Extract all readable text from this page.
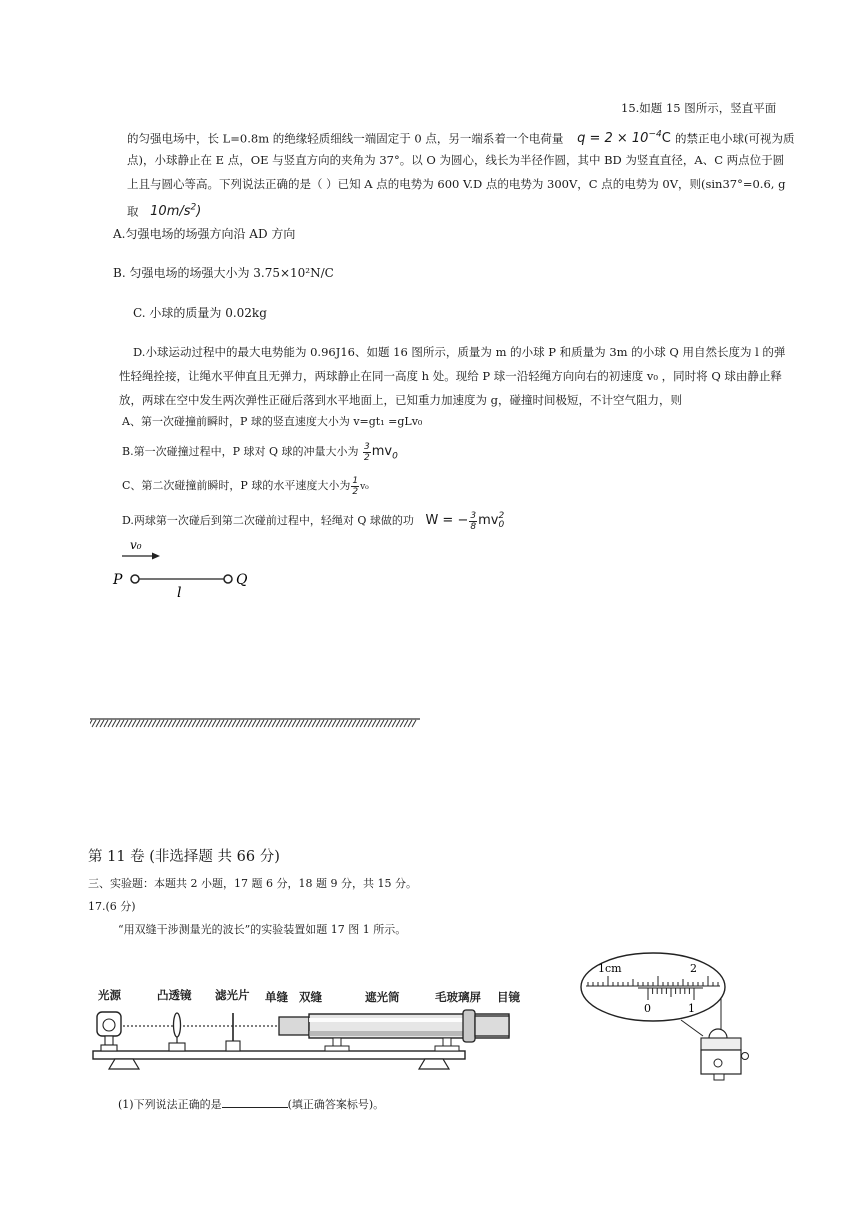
15.如题 15 图所示，竖直平面
的匀强电场中，长 L=0.8m 的绝缘轻质细线一端固定于 0 点，另一端系着一个电荷量 $q = 2 \times 10^{-4}C$ 的禁正电小球(可视为质
点)，小球静止在 E 点，OE 与竖直方向的夹角为 37°。以 O 为圆心，线长为半径作圆，其中 BD 为竖直直径，A、C 两点位于圆
上且与圆心等高。下列说法正确的是（ ）已知 A 点的电势为 600 V.D 点的电势为 300V，C 点的电势为 0V，则(sin37°=0.6, g
取 $10m/s^2$)
A.匀强电场的场强方向沿 AD 方向
B. 匀强电场的场强大小为 3.75×10²N/C
C. 小球的质量为 0.02kg
D.小球运动过程中的最大电势能为 0.96J16、如题 16 图所示，质量为 m 的小球 P 和质量为 3m 的小球 Q 用自然长度为 l 的弹
性轻绳拴接，让绳水平伸直且无弹力，两球静止在同一高度 h 处。现给 P 球一沿轻绳方向向右的初速度 v₀ ，同时将 Q 球由静止释
放，两球在空中发生两次弹性正碰后落到水平地面上，已知重力加速度为 g，碰撞时间极短，不计空气阻力，则
A、第一次碰撞前瞬时，P 球的竖直速度大小为 v=gt₁ =gLv₀
B.第一次碰撞过程中，P 球对 Q 球的冲量大小为 $\frac{3}{2} mv_0$
C、第二次碰撞前瞬时，P 球的水平速度大小为 $\frac{1}{2} v_0$
D.两球第一次碰后到第二次碰前过程中，轻绳对 Q 球做的功 W = − $\frac{3}{8}$ mv 2
0
v₀
P	Q
l
第 11 卷 (非选择题 共 66 分)
三、实验题：本题共 2 小题，17 题 6 分，18 题 9 分，共 15 分。
17.(6 分)
“用双缝干涉测量光的波长”的实验装置如题 17 图 1 所示。
光源	凸透镜 滤光片 单缝 双缝	遮光筒	毛玻璃屏 目镜
1cm	2
0	1
(1)下列说法正确的是	(填正确答案标号)。
